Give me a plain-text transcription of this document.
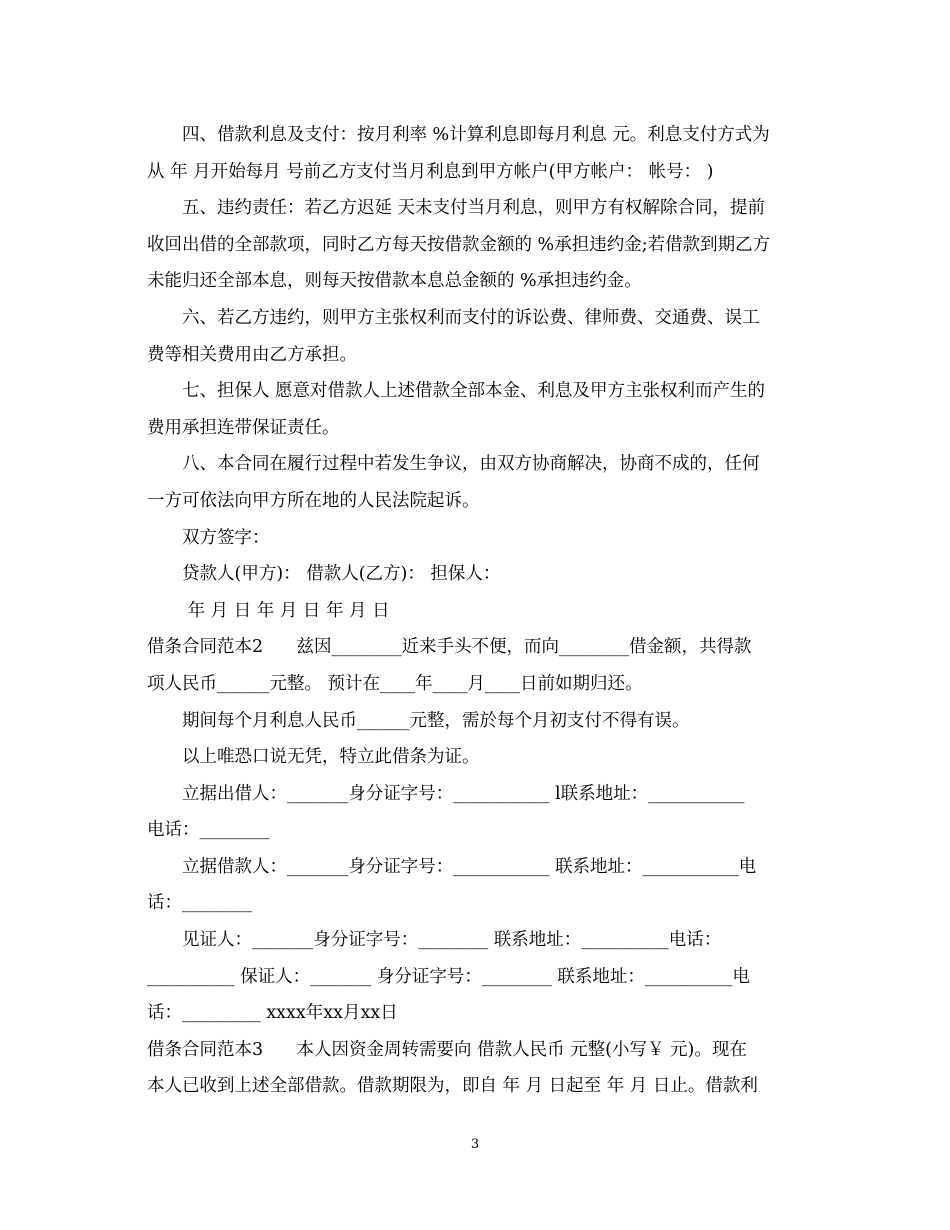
四、借款利息及支付：按月利率 %计算利息即每月利息 元。利息支付方式为
从 年 月开始每月 号前乙方支付当月利息到甲方帐户(甲方帐户： 帐号： )
五、违约责任：若乙方迟延 天未支付当月利息，则甲方有权解除合同，提前
收回出借的全部款项，同时乙方每天按借款金额的 %承担违约金;若借款到期乙方
未能归还全部本息，则每天按借款本息总金额的 %承担违约金。
六、若乙方违约，则甲方主张权利而支付的诉讼费、律师费、交通费、误工
费等相关费用由乙方承担。
七、担保人 愿意对借款人上述借款全部本金、利息及甲方主张权利而产生的
费用承担连带保证责任。
八、本合同在履行过程中若发生争议，由双方协商解决，协商不成的，任何
一方可依法向甲方所在地的人民法院起诉。
双方签字：
贷款人(甲方)： 借款人(乙方)： 担保人：
年 月 日 年 月 日 年 月 日
借条合同范本2      兹因________近来手头不便，而向________借金额，共得款
项人民币______元整。 预计在____年____月____日前如期归还。
期间每个月利息人民币______元整，需於每个月初支付不得有误。
以上唯恐口说无凭，特立此借条为证。
立据出借人：_______身分证字号：___________ l联系地址：___________
电话：________
立据借款人：_______身分证字号：___________ 联系地址：___________电
话：________
见证人：_______身分证字号：________ 联系地址：__________电话：
__________ 保证人：_______ 身分证字号：________ 联系地址：__________电
话：_________ xxxx年xx月xx日
借条合同范本3      本人因资金周转需要向 借款人民币 元整(小写￥ 元)。现在
本人已收到上述全部借款。借款期限为，即自 年 月 日起至 年 月 日止。借款利
3
